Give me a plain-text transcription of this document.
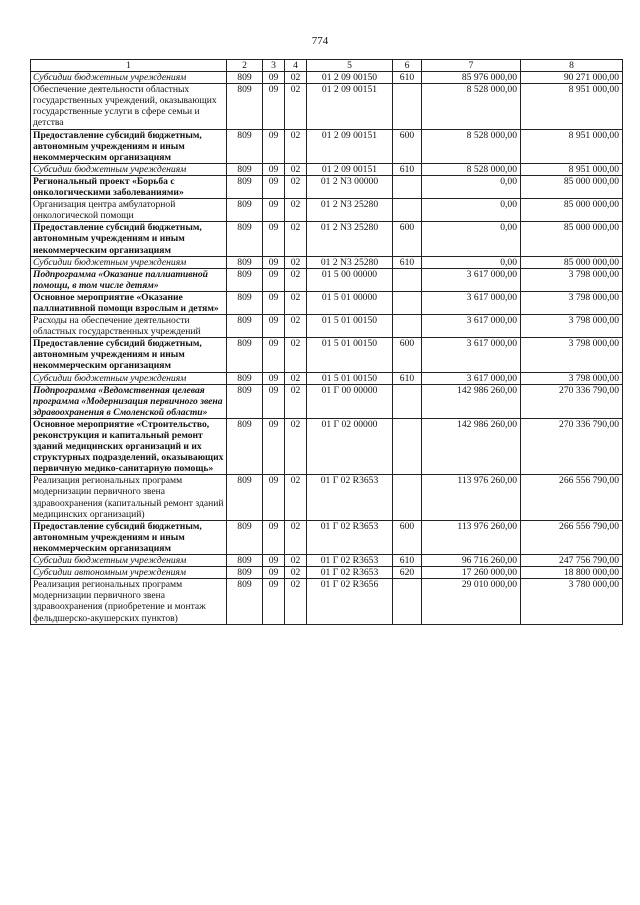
774
1	2	3	4	5	6	7	8
Субсидии бюджетным учреждениям	809	09	02	01 2 09 00150	610	85 976 000,00	90 271 000,00
Обеспечение деятельности областных государственных учреждений, оказывающих государственные услуги в сфере семьи и детства	809	09	02	01 2 09 00151		8 528 000,00	8 951 000,00
Предоставление субсидий бюджетным, автономным учреждениям и иным некоммерческим организациям	809	09	02	01 2 09 00151	600	8 528 000,00	8 951 000,00
Субсидии бюджетным учреждениям	809	09	02	01 2 09 00151	610	8 528 000,00	8 951 000,00
Региональный проект «Борьба с онкологическими заболеваниями»	809	09	02	01 2 N3 00000		0,00	85 000 000,00
Организация центра амбулаторной онкологической помощи	809	09	02	01 2 N3 25280		0,00	85 000 000,00
Предоставление субсидий бюджетным, автономным учреждениям и иным некоммерческим организациям	809	09	02	01 2 N3 25280	600	0,00	85 000 000,00
Субсидии бюджетным учреждениям	809	09	02	01 2 N3 25280	610	0,00	85 000 000,00
Подпрограмма «Оказание паллиативной помощи, в том числе детям»	809	09	02	01 5 00 00000		3 617 000,00	3 798 000,00
Основное мероприятие «Оказание паллиативной помощи взрослым и детям»	809	09	02	01 5 01 00000		3 617 000,00	3 798 000,00
Расходы на обеспечение деятельности областных государственных учреждений	809	09	02	01 5 01 00150		3 617 000,00	3 798 000,00
Предоставление субсидий бюджетным, автономным учреждениям и иным некоммерческим организациям	809	09	02	01 5 01 00150	600	3 617 000,00	3 798 000,00
Субсидии бюджетным учреждениям	809	09	02	01 5 01 00150	610	3 617 000,00	3 798 000,00
Подпрограмма «Ведомственная целевая программа «Модернизация первичного звена здравоохранения в Смоленской области»	809	09	02	01 Г 00 00000		142 986 260,00	270 336 790,00
Основное мероприятие «Строительство, реконструкция и капитальный ремонт зданий медицинских организаций и их структурных подразделений, оказывающих первичную медико-санитарную помощь»	809	09	02	01 Г 02 00000		142 986 260,00	270 336 790,00
Реализация региональных программ модернизации первичного звена здравоохранения (капитальный ремонт зданий медицинских организаций)	809	09	02	01 Г 02 R3653		113 976 260,00	266 556 790,00
Предоставление субсидий бюджетным, автономным учреждениям и иным некоммерческим организациям	809	09	02	01 Г 02 R3653	600	113 976 260,00	266 556 790,00
Субсидии бюджетным учреждениям	809	09	02	01 Г 02 R3653	610	96 716 260,00	247 756 790,00
Субсидии автономным учреждениям	809	09	02	01 Г 02 R3653	620	17 260 000,00	18 800 000,00
Реализация региональных программ модернизации первичного звена здравоохранения (приобретение и монтаж фельдшерско-акушерских пунктов)	809	09	02	01 Г 02 R3656		29 010 000,00	3 780 000,00
